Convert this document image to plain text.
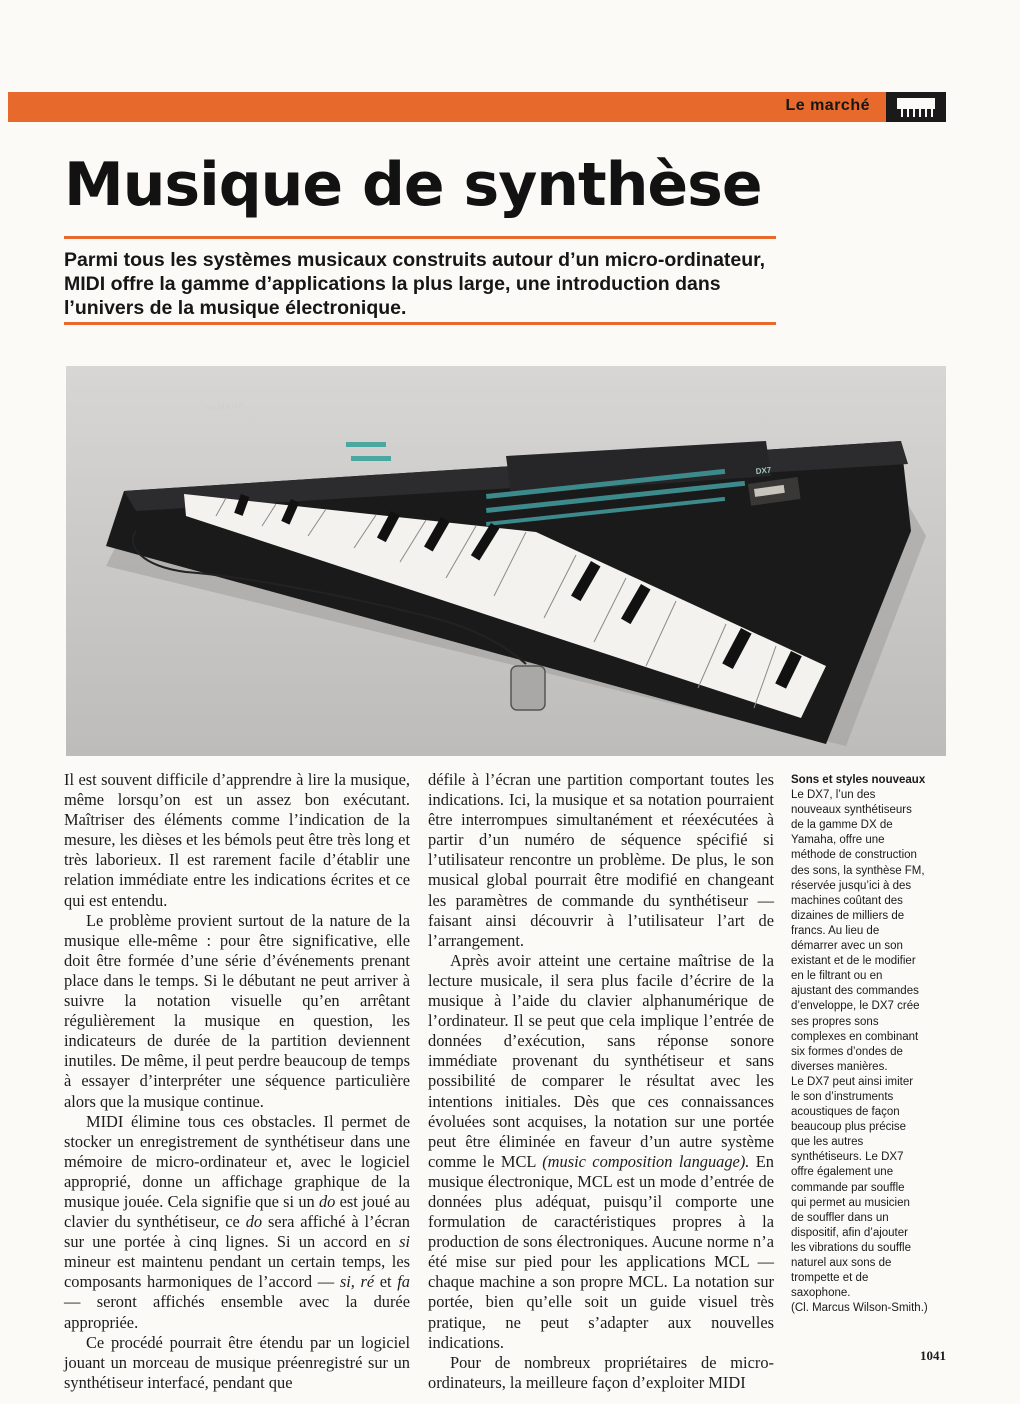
Le marché
Musique de synthèse

Parmi tous les systèmes musicaux construits autour d’un micro-ordinateur, MIDI offre la gamme d’applications la plus large, une introduction dans l’univers de la musique électronique.

YAMAHA
DX7

Il est souvent difficile d’apprendre à lire la musique, même lorsqu’on est un assez bon exécutant. Maîtriser des éléments comme l’indication de la mesure, les dièses et les bémols peut être très long et très laborieux. Il est rarement facile d’établir une relation immédiate entre les indications écrites et ce qui est entendu.

Le problème provient surtout de la nature de la musique elle-même : pour être significative, elle doit être formée d’une série d’événements prenant place dans le temps. Si le débutant ne peut arriver à suivre la notation visuelle qu’en arrêtant régulièrement la musique en question, les indicateurs de durée de la partition deviennent inutiles. De même, il peut perdre beaucoup de temps à essayer d’interpréter une séquence particulière alors que la musique continue.

MIDI élimine tous ces obstacles. Il permet de stocker un enregistrement de synthétiseur dans une mémoire de micro-ordinateur et, avec le logiciel approprié, donne un affichage graphique de la musique jouée. Cela signifie que si un do est joué au clavier du synthétiseur, ce do sera affiché à l’écran sur une portée à cinq lignes. Si un accord en si mineur est maintenu pendant un certain temps, les composants harmoniques de l’accord — si, ré et fa — seront affichés ensemble avec la durée appropriée.

Ce procédé pourrait être étendu par un logiciel jouant un morceau de musique préenregistré sur un synthétiseur interfacé, pendant que

défile à l’écran une partition comportant toutes les indications. Ici, la musique et sa notation pourraient être interrompues simultanément et réexécutées à partir d’un numéro de séquence spécifié si l’utilisateur rencontre un problème. De plus, le son musical global pourrait être modifié en changeant les paramètres de commande du synthétiseur — faisant ainsi découvrir à l’utilisateur l’art de l’arrangement.

Après avoir atteint une certaine maîtrise de la lecture musicale, il sera plus facile d’écrire de la musique à l’aide du clavier alphanumérique de l’ordinateur. Il se peut que cela implique l’entrée de données d’exécution, sans réponse sonore immédiate provenant du synthétiseur et sans possibilité de comparer le résultat avec les intentions initiales. Dès que ces connaissances évoluées sont acquises, la notation sur une portée peut être éliminée en faveur d’un autre système comme le MCL (music composition language). En musique électronique, MCL est un mode d’entrée de données plus adéquat, puisqu’il comporte une formulation de caractéristiques propres à la production de sons électroniques. Aucune norme n’a été mise sur pied pour les applications MCL — chaque machine a son propre MCL. La notation sur portée, bien qu’elle soit un guide visuel très pratique, ne peut s’adapter aux nouvelles indications.

Pour de nombreux propriétaires de micro-ordinateurs, la meilleure façon d’exploiter MIDI

Sons et styles nouveaux
Le DX7, l’un des
nouveaux synthétiseurs
de la gamme DX de
Yamaha, offre une
méthode de construction
des sons, la synthèse FM,
réservée jusqu’ici à des
machines coûtant des
dizaines de milliers de
francs. Au lieu de
démarrer avec un son
existant et de le modifier
en le filtrant ou en
ajustant des commandes
d’enveloppe, le DX7 crée
ses propres sons
complexes en combinant
six formes d’ondes de
diverses manières.
Le DX7 peut ainsi imiter
le son d’instruments
acoustiques de façon
beaucoup plus précise
que les autres
synthétiseurs. Le DX7
offre également une
commande par souffle
qui permet au musicien
de souffler dans un
dispositif, afin d’ajouter
les vibrations du souffle
naturel aux sons de
trompette et de
saxophone.
(Cl. Marcus Wilson-Smith.)
1041
